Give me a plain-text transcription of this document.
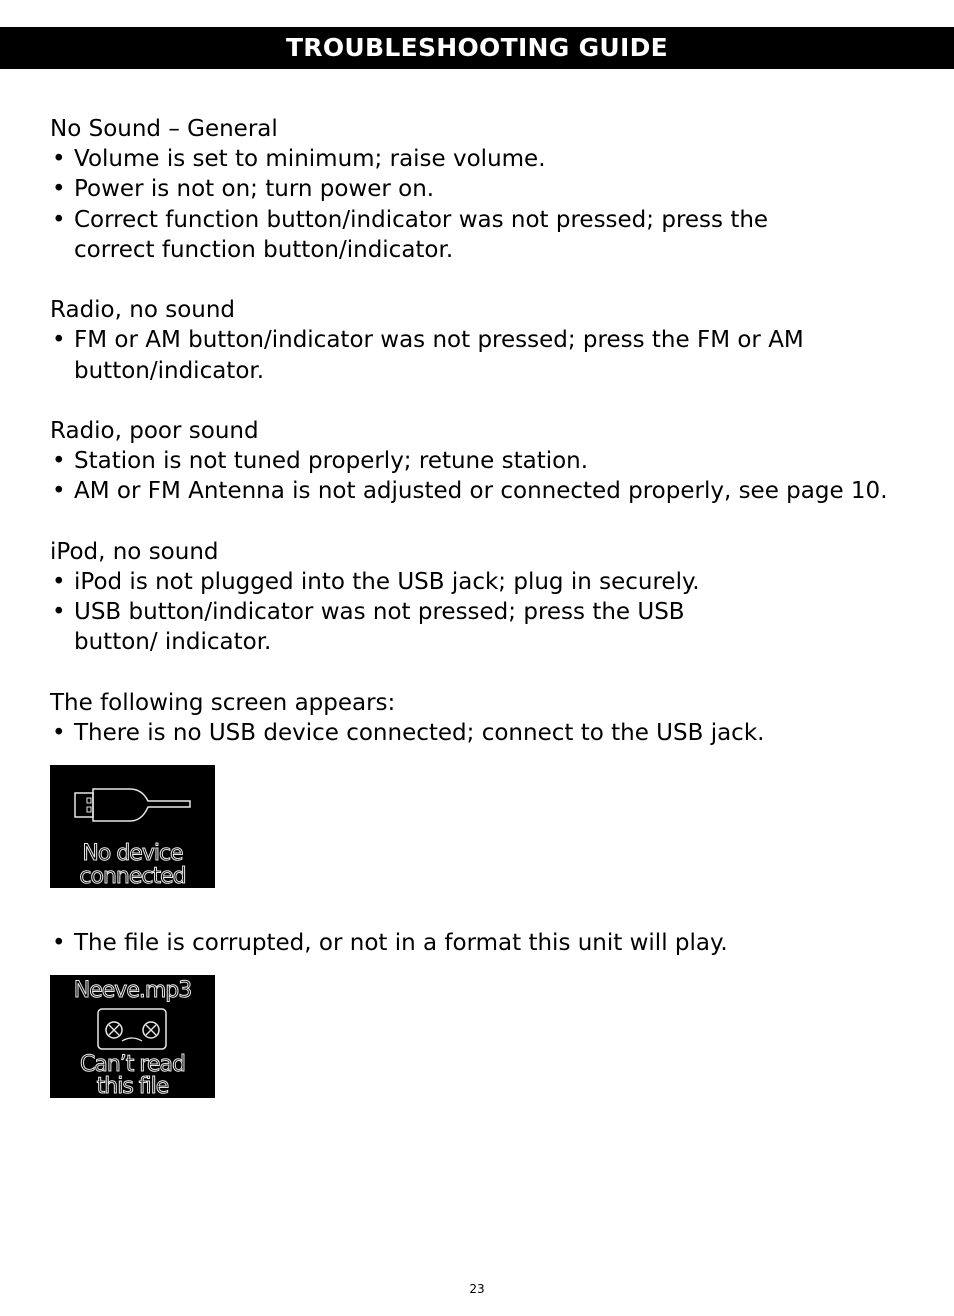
TROUBLESHOOTING GUIDE
No Sound – General
• Volume is set to minimum; raise volume.
• Power is not on; turn power on.
• Correct function button/indicator was not pressed; press the correct function button/indicator.
Radio, no sound
• FM or AM button/indicator was not pressed; press the FM or AM button/indicator.
Radio, poor sound
• Station is not tuned properly; retune station.
• AM or FM Antenna is not adjusted or connected properly, see page 10.
iPod, no sound
• iPod is not plugged into the USB jack; plug in securely.
• USB button/indicator was not pressed; press the USB button/ indicator.
The following screen appears:
• There is no USB device connected; connect to the USB jack.
No device
connected
• The file is corrupted, or not in a format this unit will play.
Neeve.mp3
Can’t read
this file
23
